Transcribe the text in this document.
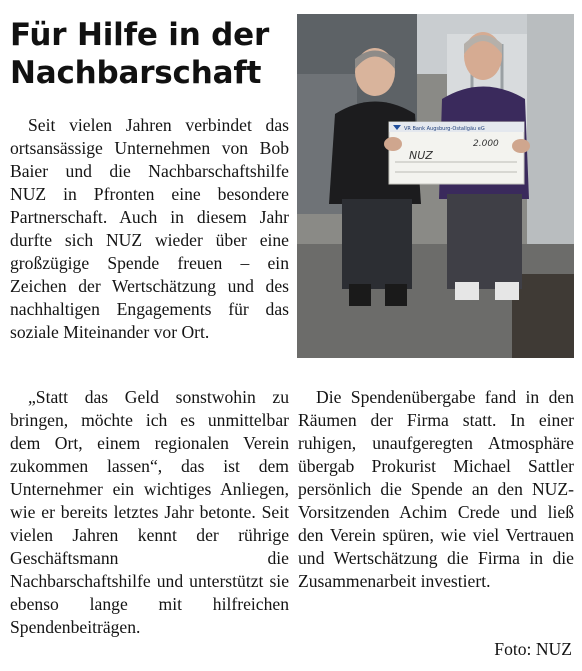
Für Hilfe in der Nachbarschaft
VR Bank Augsburg-Ostallgäu eG
2.000
NUZ

Seit vielen Jahren verbindet das ortsansässige Unternehmen von Bob Baier und die Nachbarschaftshilfe NUZ in Pfronten eine besondere Partnerschaft. Auch in diesem Jahr durfte sich NUZ wieder über eine großzügige Spende freuen – ein Zeichen der Wertschätzung und des nachhaltigen Engagements für das soziale Miteinander vor Ort.

„Statt das Geld sonstwohin zu bringen, möchte ich es unmittelbar dem Ort, einem regionalen Verein zukommen lassen“, das ist dem Unternehmer ein wichtiges Anliegen, wie er bereits letztes Jahr betonte. Seit vielen Jahren kennt der rührige Geschäftsmann die Nachbarschaftshilfe und unterstützt sie ebenso lange mit hilfreichen Spendenbeiträgen.

Die Spendenübergabe fand in den Räumen der Firma statt. In einer ruhigen, unaufgeregten Atmosphäre übergab Prokurist Michael Sattler persönlich die Spende an den NUZ-Vorsitzenden Achim Crede und ließ den Verein spüren, wie viel Vertrauen und Wertschätzung die Firma in die Zusammenarbeit investiert.

Foto: NUZ
